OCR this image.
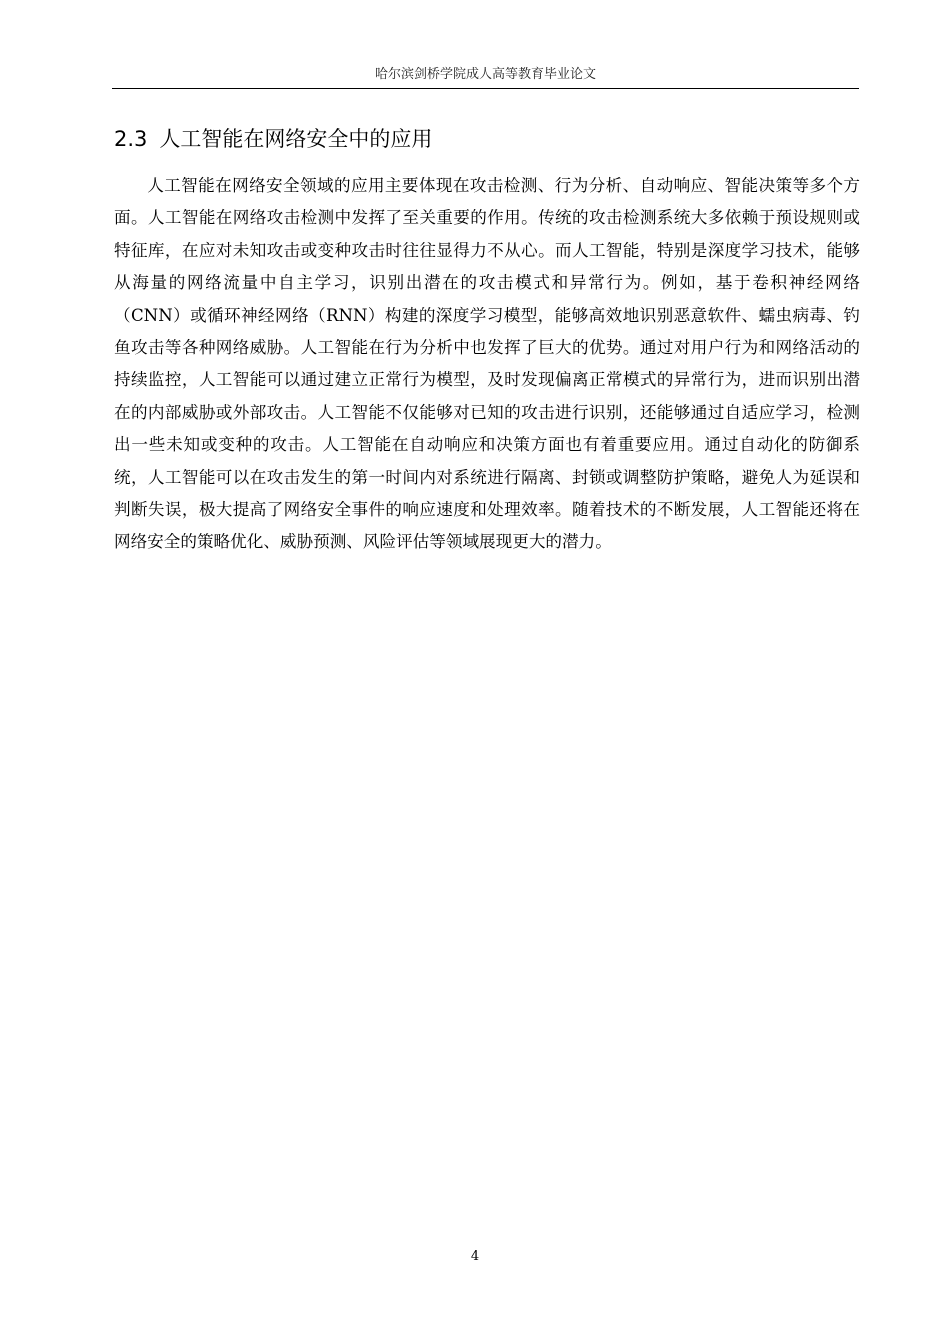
哈尔滨剑桥学院成人高等教育毕业论文
2.3 人工智能在网络安全中的应用

人工智能在网络安全领域的应用主要体现在攻击检测、行为分析、自动响应、智能决策等多个方面。人工智能在网络攻击检测中发挥了至关重要的作用。传统的攻击检测系统大多依赖于预设规则或特征库，在应对未知攻击或变种攻击时往往显得力不从心。而人工智能，特别是深度学习技术，能够从海量的网络流量中自主学习，识别出潜在的攻击模式和异常行为。例如，基于卷积神经网络（CNN）或循环神经网络（RNN）构建的深度学习模型，能够高效地识别恶意软件、蠕虫病毒、钓鱼攻击等各种网络威胁。人工智能在行为分析中也发挥了巨大的优势。通过对用户行为和网络活动的持续监控，人工智能可以通过建立正常行为模型，及时发现偏离正常模式的异常行为，进而识别出潜在的内部威胁或外部攻击。人工智能不仅能够对已知的攻击进行识别，还能够通过自适应学习，检测出一些未知或变种的攻击。人工智能在自动响应和决策方面也有着重要应用。通过自动化的防御系统，人工智能可以在攻击发生的第一时间内对系统进行隔离、封锁或调整防护策略，避免人为延误和判断失误，极大提高了网络安全事件的响应速度和处理效率。随着技术的不断发展，人工智能还将在网络安全的策略优化、威胁预测、风险评估等领域展现更大的潜力。

4
